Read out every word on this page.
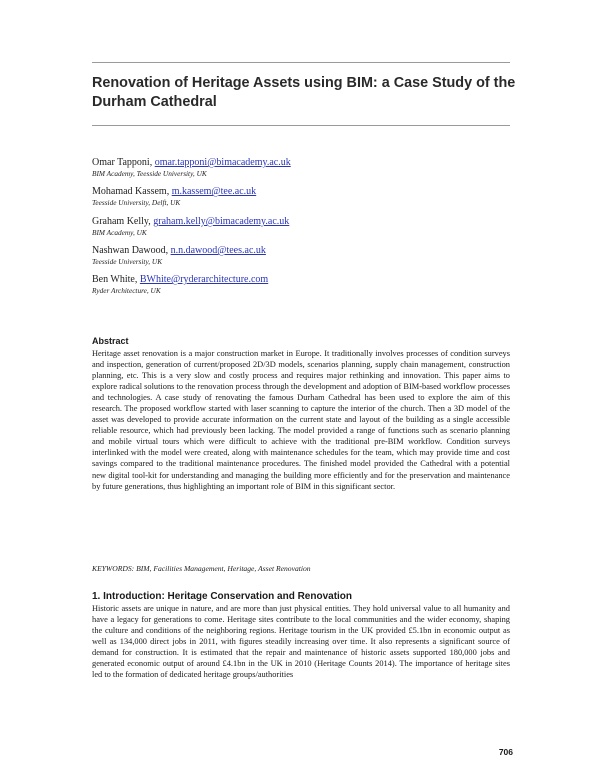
Renovation of Heritage Assets using BIM: a Case Study of the Durham Cathedral
Omar Tapponi, omar.tapponi@bimacademy.ac.uk
BIM Academy, Teesside University, UK
Mohamad Kassem, m.kassem@tee.ac.uk
Teesside University, Delft, UK
Graham Kelly, graham.kelly@bimacademy.ac.uk
BIM Academy, UK
Nashwan Dawood, n.n.dawood@tees.ac.uk
Teesside University, UK
Ben White, BWhite@ryderarchitecture.com
Ryder Architecture, UK
Abstract
Heritage asset renovation is a major construction market in Europe. It traditionally involves processes of condition surveys and inspection, generation of current/proposed 2D/3D models, scenarios planning, supply chain management, construction planning, etc. This is a very slow and costly process and requires major rethinking and innovation. This paper aims to explore radical solutions to the renovation process through the development and adoption of BIM-based workflow processes and technologies. A case study of renovating the famous Durham Cathedral has been used to explore the aim of this research. The proposed workflow started with laser scanning to capture the interior of the church. Then a 3D model of the asset was developed to provide accurate information on the current state and layout of the building as a single accessible reliable resource, which had previously been lacking. The model provided a range of functions such as scenario planning and mobile virtual tours which were difficult to achieve with the traditional pre-BIM workflow. Condition surveys interlinked with the model were created, along with maintenance schedules for the team, which may provide time and cost savings compared to the traditional maintenance procedures. The finished model provided the Cathedral with a potential new digital tool-kit for understanding and managing the building more efficiently and for the preservation and maintenance by future generations, thus highlighting an important role of BIM in this significant sector.
KEYWORDS: BIM, Facilities Management, Heritage, Asset Renovation
1. Introduction: Heritage Conservation and Renovation
Historic assets are unique in nature, and are more than just physical entities. They hold universal value to all humanity and have a legacy for generations to come. Heritage sites contribute to the local communities and the wider economy, shaping the culture and conditions of the neighboring regions. Heritage tourism in the UK provided £5.1bn in economic output as well as 134,000 direct jobs in 2011, with figures steadily increasing over time. It also represents a significant source of demand for construction. It is estimated that the repair and maintenance of historic assets supported 180,000 jobs and generated economic output of around £4.1bn in the UK in 2010 (Heritage Counts 2014). The importance of heritage sites led to the formation of dedicated heritage groups/authorities
706
